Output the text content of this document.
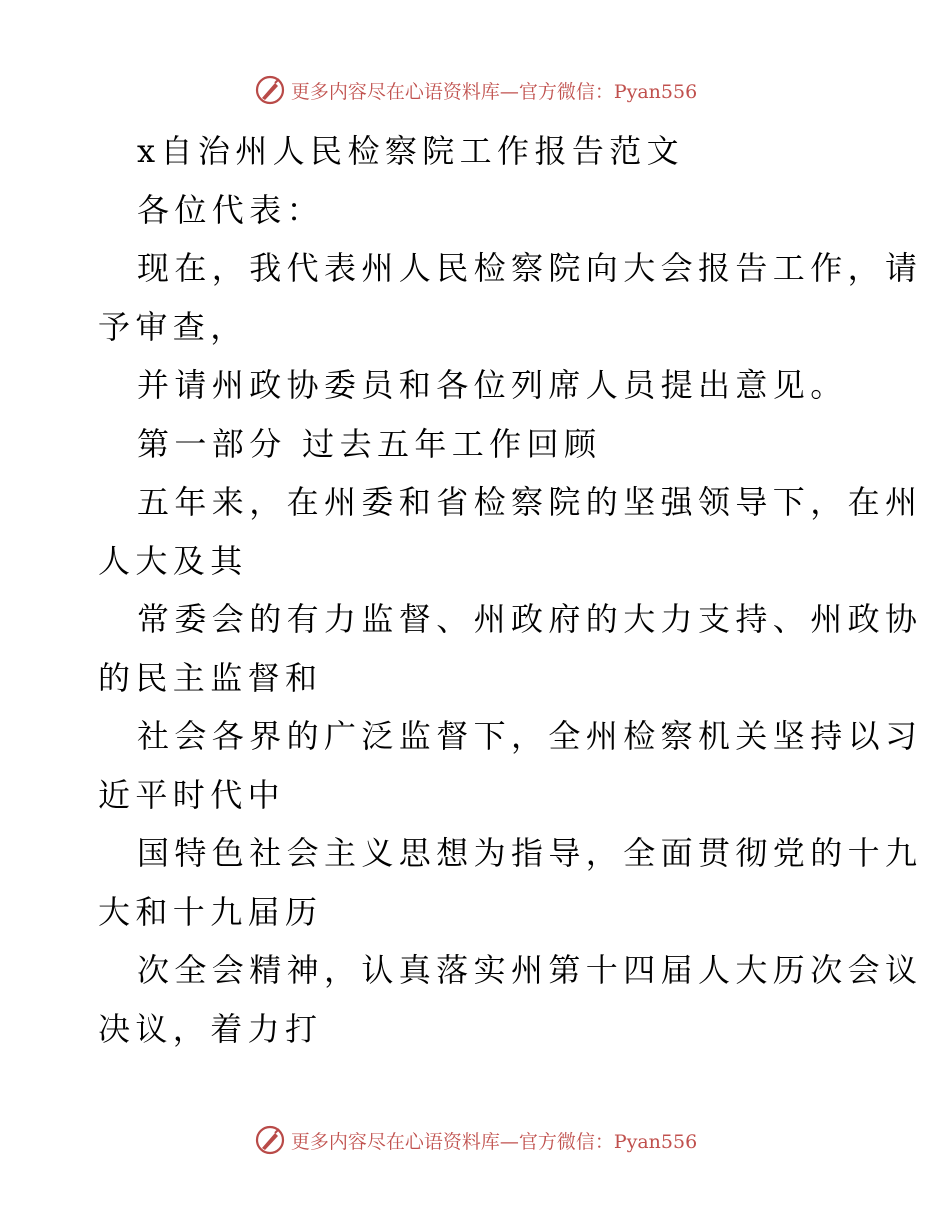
更多内容尽在心语资料库—官方微信：Pyan556
x自治州人民检察院工作报告范文
各位代表：
现在，我代表州人民检察院向大会报告工作，请
予审查，
并请州政协委员和各位列席人员提出意见。
第一部分 过去五年工作回顾
五年来，在州委和省检察院的坚强领导下，在州
人大及其
常委会的有力监督、州政府的大力支持、州政协
的民主监督和
社会各界的广泛监督下，全州检察机关坚持以习
近平时代中
国特色社会主义思想为指导，全面贯彻党的十九
大和十九届历
次全会精神，认真落实州第十四届人大历次会议
决议，着力打
更多内容尽在心语资料库—官方微信：Pyan556
